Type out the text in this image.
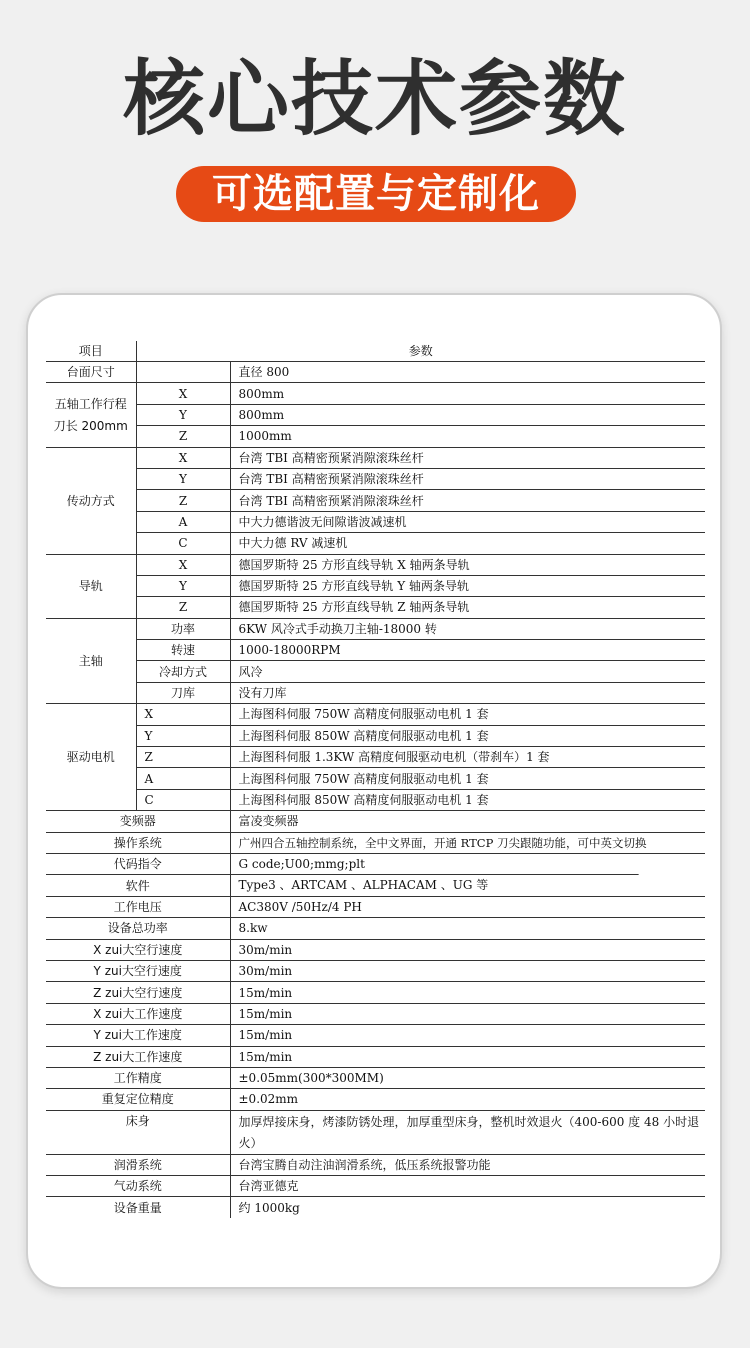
核心技术参数
可选配置与定制化
项目	参数	
台面尺寸		直径 800
五轴工作行程
刀长 200mm	X	800mm
	Y	800mm
	Z	1000mm
传动方式	X	台湾 TBI 高精密预紧消隙滚珠丝杆
	Y	台湾 TBI 高精密预紧消隙滚珠丝杆
	Z	台湾 TBI 高精密预紧消隙滚珠丝杆
	A	中大力德谐波无间隙谐波减速机
	C	中大力德 RV 减速机
导轨	X	德国罗斯特 25 方形直线导轨 X 轴两条导轨
	Y	德国罗斯特 25 方形直线导轨 Y 轴两条导轨
	Z	德国罗斯特 25 方形直线导轨 Z 轴两条导轨
主轴	功率	6KW 风冷式手动换刀主轴-18000 转
	转速	1000-18000RPM
	冷却方式	风冷
	刀库	没有刀库
驱动电机	X	上海图科伺服 750W 高精度伺服驱动电机 1 套
	Y	上海图科伺服 850W 高精度伺服驱动电机 1 套
	Z	上海图科伺服 1.3KW 高精度伺服驱动电机（带刹车）1 套
	A	上海图科伺服 750W 高精度伺服驱动电机 1 套
	C	上海图科伺服 850W 高精度伺服驱动电机 1 套
变频器		富凌变频器
操作系统		广州四合五轴控制系统，全中文界面，开通 RTCP 刀尖跟随功能，可中英文切换
代码指令		G code;U00;mmg;plt
软件		Type3 、ARTCAM 、ALPHACAM 、UG 等
工作电压		AC380V /50Hz/4 PH
设备总功率		8.kw
X zui大空行速度		30m/min
Y zui大空行速度		30m/min
Z zui大空行速度		15m/min
X zui大工作速度		15m/min
Y zui大工作速度		15m/min
Z zui大工作速度		15m/min
工作精度		±0.05mm(300*300MM)
重复定位精度		±0.02mm
床身		加厚焊接床身，烤漆防锈处理，加厚重型床身，整机时效退火（400-600 度 48 小时退火）
润滑系统		台湾宝腾自动注油润滑系统，低压系统报警功能
气动系统		台湾亚德克
设备重量		约 1000kg
